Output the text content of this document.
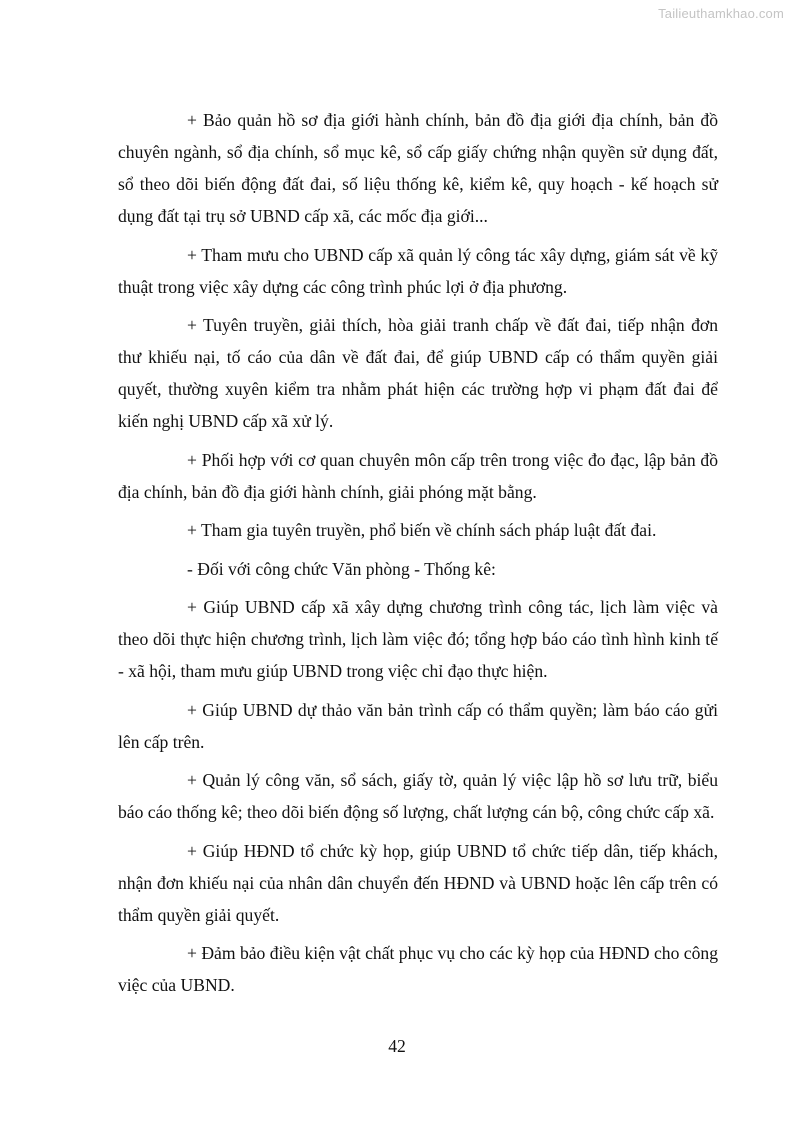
Tailieuthamkhao.com

+ Bảo quản hồ sơ địa giới hành chính, bản đồ địa giới địa chính, bản đồ chuyên ngành, sổ địa chính, sổ mục kê, sổ cấp giấy chứng nhận quyền sử dụng đất, sổ theo dõi biến động đất đai, số liệu thống kê, kiểm kê, quy hoạch - kế hoạch sử dụng đất tại trụ sở UBND cấp xã, các mốc địa giới...

+ Tham mưu cho UBND cấp xã quản lý công tác xây dựng, giám sát về kỹ thuật trong việc xây dựng các công trình phúc lợi ở địa phương.

+ Tuyên truyền, giải thích, hòa giải tranh chấp về đất đai, tiếp nhận đơn thư khiếu nại, tố cáo của dân về đất đai, để giúp UBND cấp có thẩm quyền giải quyết, thường xuyên kiểm tra nhằm phát hiện các trường hợp vi phạm đất đai để kiến nghị UBND cấp xã xử lý.

+ Phối hợp với cơ quan chuyên môn cấp trên trong việc đo đạc, lập bản đồ địa chính, bản đồ địa giới hành chính, giải phóng mặt bằng.

+ Tham gia tuyên truyền, phổ biến về chính sách pháp luật đất đai.

- Đối với công chức Văn phòng - Thống kê:

+ Giúp UBND cấp xã xây dựng chương trình công tác, lịch làm việc và theo dõi thực hiện chương trình, lịch làm việc đó; tổng hợp báo cáo tình hình kinh tế - xã hội, tham mưu giúp UBND trong việc chỉ đạo thực hiện.

+ Giúp UBND dự thảo văn bản trình cấp có thẩm quyền; làm báo cáo gửi lên cấp trên.

+ Quản lý công văn, sổ sách, giấy tờ, quản lý việc lập hồ sơ lưu trữ, biểu báo cáo thống kê; theo dõi biến động số lượng, chất lượng cán bộ, công chức cấp xã.

+ Giúp HĐND tổ chức kỳ họp, giúp UBND tổ chức tiếp dân, tiếp khách, nhận đơn khiếu nại của nhân dân chuyển đến HĐND và UBND hoặc lên cấp trên có thẩm quyền giải quyết.

+ Đảm bảo điều kiện vật chất phục vụ cho các kỳ họp của HĐND cho công việc của UBND.

42
